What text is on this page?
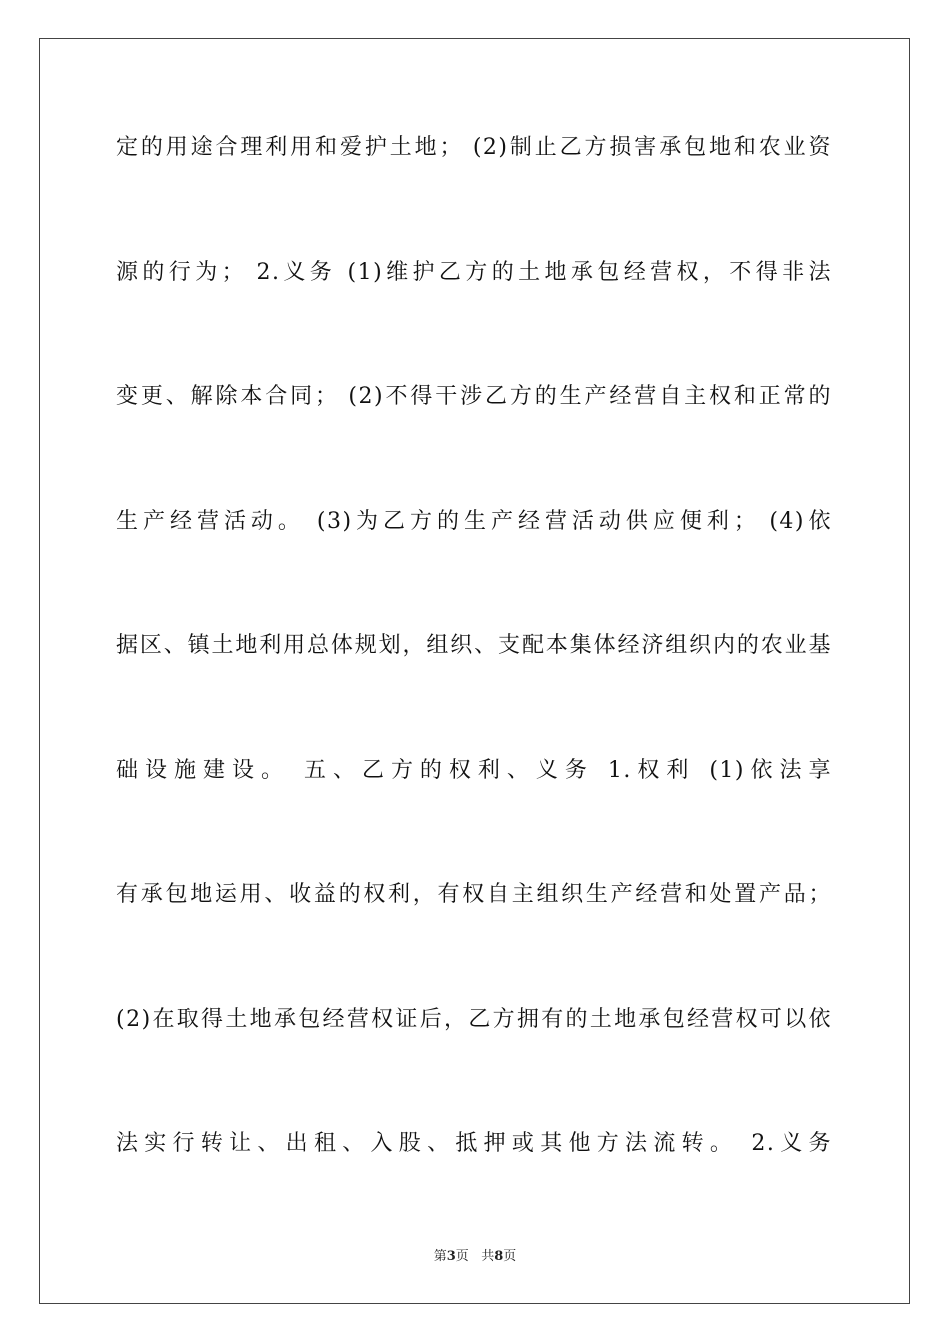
定的用途合理利用和爱护土地； (2)制止乙方损害承包地和农业资
源的行为； 2.义务 (1)维护乙方的土地承包经营权，不得非法
变更、解除本合同； (2)不得干涉乙方的生产经营自主权和正常的
生产经营活动。 (3)为乙方的生产经营活动供应便利； (4)依
据区、镇土地利用总体规划，组织、支配本集体经济组织内的农业基
础设施建设。 五、乙方的权利、义务 1.权利 (1)依法享
有承包地运用、收益的权利，有权自主组织生产经营和处置产品；
(2)在取得土地承包经营权证后，乙方拥有的土地承包经营权可以依
法实行转让、出租、入股、抵押或其他方法流转。 2.义务
第3页 共8页
